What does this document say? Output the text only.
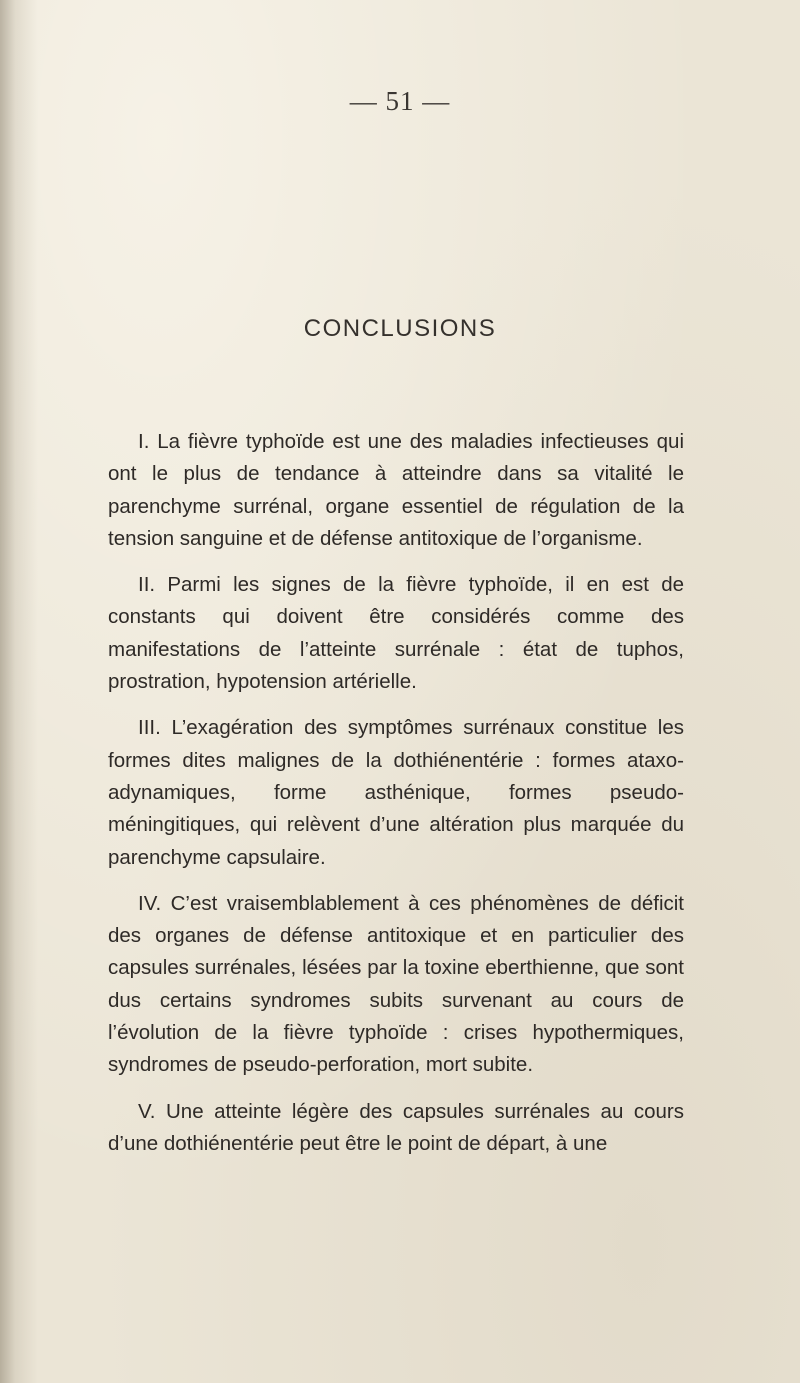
— 51 —
CONCLUSIONS

I. La fièvre typhoïde est une des maladies infectieuses qui ont le plus de tendance à atteindre dans sa vitalité le parenchyme surrénal, organe essentiel de régulation de la tension sanguine et de défense antitoxique de l’organisme.

II. Parmi les signes de la fièvre typhoïde, il en est de constants qui doivent être considérés comme des manifestations de l’atteinte surrénale : état de tuphos, prostration, hypotension artérielle.

III. L’exagération des symptômes surrénaux constitue les formes dites malignes de la dothiénentérie : formes ataxo-adynamiques, forme asthénique, formes pseudo-méningitiques, qui relèvent d’une altération plus marquée du parenchyme capsulaire.

IV. C’est vraisemblablement à ces phénomènes de déficit des organes de défense antitoxique et en particulier des capsules surrénales, lésées par la toxine eberthienne, que sont dus certains syndromes subits survenant au cours de l’évolution de la fièvre typhoïde : crises hypothermiques, syndromes de pseudo-perforation, mort subite.

V. Une atteinte légère des capsules surrénales au cours d’une dothiénentérie peut être le point de départ, à une
